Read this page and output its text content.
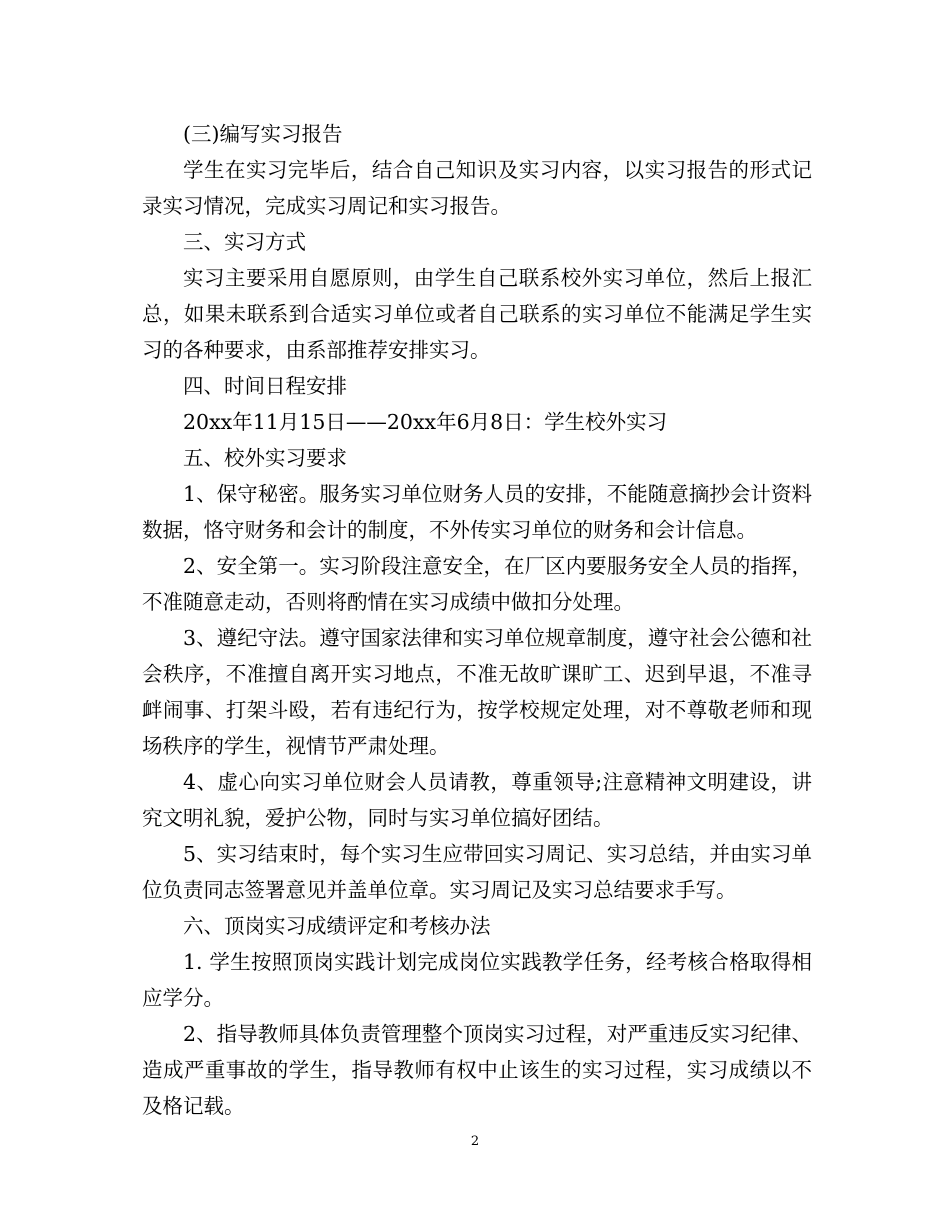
(三)编写实习报告

学生在实习完毕后，结合自己知识及实习内容，以实习报告的形式记录实习情况，完成实习周记和实习报告。

三、实习方式

实习主要采用自愿原则，由学生自己联系校外实习单位，然后上报汇总，如果未联系到合适实习单位或者自己联系的实习单位不能满足学生实习的各种要求，由系部推荐安排实习。

四、时间日程安排

20xx年11月15日——20xx年6月8日：学生校外实习

五、校外实习要求

1、保守秘密。服务实习单位财务人员的安排，不能随意摘抄会计资料数据，恪守财务和会计的制度，不外传实习单位的财务和会计信息。

2、安全第一。实习阶段注意安全，在厂区内要服务安全人员的指挥，不准随意走动，否则将酌情在实习成绩中做扣分处理。

3、遵纪守法。遵守国家法律和实习单位规章制度，遵守社会公德和社会秩序，不准擅自离开实习地点，不准无故旷课旷工、迟到早退，不准寻衅闹事、打架斗殴，若有违纪行为，按学校规定处理，对不尊敬老师和现场秩序的学生，视情节严肃处理。

4、虚心向实习单位财会人员请教，尊重领导;注意精神文明建设，讲究文明礼貌，爱护公物，同时与实习单位搞好团结。

5、实习结束时，每个实习生应带回实习周记、实习总结，并由实习单位负责同志签署意见并盖单位章。实习周记及实习总结要求手写。

六、顶岗实习成绩评定和考核办法

1. 学生按照顶岗实践计划完成岗位实践教学任务，经考核合格取得相应学分。

2、指导教师具体负责管理整个顶岗实习过程，对严重违反实习纪律、造成严重事故的学生，指导教师有权中止该生的实习过程，实习成绩以不及格记载。

2
